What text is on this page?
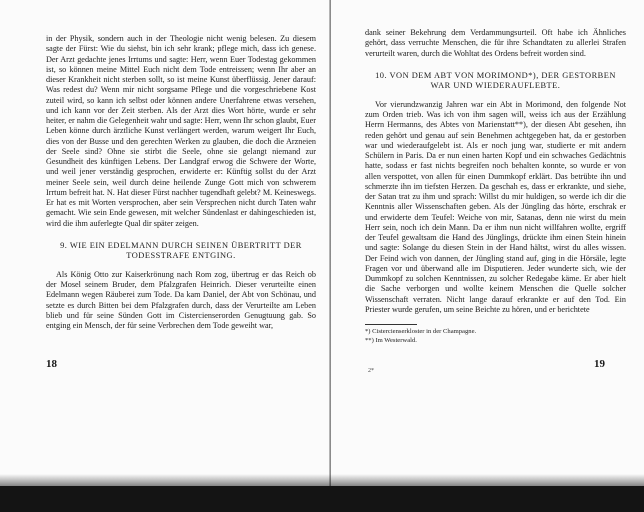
in der Physik, sondern auch in der Theologie nicht wenig belesen. Zu diesem sagte der Fürst: Wie du siehst, bin ich sehr krank; pflege mich, dass ich genese. Der Arzt gedachte jenes Irrtums und sagte: Herr, wenn Euer Todestag gekommen ist, so können meine Mittel Euch nicht dem Tode entreissen; wenn Ihr aber an dieser Krankheit nicht sterben sollt, so ist meine Kunst überflüssig. Jener darauf: Was redest du? Wenn mir nicht sorgsame Pflege und die vorgeschriebene Kost zuteil wird, so kann ich selbst oder können andere Unerfahrene etwas versehen, und ich kann vor der Zeit sterben. Als der Arzt dies Wort hörte, wurde er sehr heiter, er nahm die Gelegenheit wahr und sagte: Herr, wenn Ihr schon glaubt, Euer Leben könne durch ärztliche Kunst verlängert werden, warum weigert Ihr Euch, dies von der Busse und den gerechten Werken zu glauben, die doch die Arzneien der Seele sind? Ohne sie stirbt die Seele, ohne sie gelangt niemand zur Gesundheit des künftigen Lebens. Der Landgraf erwog die Schwere der Worte, und weil jener verständig gesprochen, erwiderte er: Künftig sollst du der Arzt meiner Seele sein, weil durch deine heilende Zunge Gott mich von schwerem Irrtum befreit hat. N. Hat dieser Fürst nachher tugendhaft gelebt? M. Keineswegs. Er hat es mit Worten versprochen, aber sein Versprechen nicht durch Taten wahr gemacht. Wie sein Ende gewesen, mit welcher Sündenlast er dahingeschieden ist, wird die ihm auferlegte Qual dir später zeigen.

9. WIE EIN EDELMANN DURCH SEINEN ÜBERTRITT DER TODESSTRAFE ENTGING.

Als König Otto zur Kaiserkrönung nach Rom zog, übertrug er das Reich ob der Mosel seinem Bruder, dem Pfalzgrafen Heinrich. Dieser verurteilte einen Edelmann wegen Räuberei zum Tode. Da kam Daniel, der Abt von Schönau, und setzte es durch Bitten bei dem Pfalzgrafen durch, dass der Verurteilte am Leben blieb und für seine Sünden Gott im Cistercienserorden Genugtuung gab. So entging ein Mensch, der für seine Verbrechen dem Tode geweiht war,

18

dank seiner Bekehrung dem Verdammungsurteil. Oft habe ich Ähnliches gehört, dass verruchte Menschen, die für ihre Schandtaten zu allerlei Strafen verurteilt waren, durch die Wohltat des Ordens befreit worden sind.

10. VON DEM ABT VON MORIMOND*), DER GESTORBEN WAR UND WIEDERAUFLEBTE.

Vor vierundzwanzig Jahren war ein Abt in Morimond, den folgende Not zum Orden trieb. Was ich von ihm sagen will, weiss ich aus der Erzählung Herrn Hermanns, des Abtes von Marienstatt**), der diesen Abt gesehen, ihn reden gehört und genau auf sein Benehmen achtgegeben hat, da er gestorben war und wiederaufgelebt ist. Als er noch jung war, studierte er mit andern Schülern in Paris. Da er nun einen harten Kopf und ein schwaches Gedächtnis hatte, sodass er fast nichts begreifen noch behalten konnte, so wurde er von allen verspottet, von allen für einen Dummkopf erklärt. Das betrübte ihn und schmerzte ihn im tiefsten Herzen. Da geschah es, dass er erkrankte, und siehe, der Satan trat zu ihm und sprach: Willst du mir huldigen, so werde ich dir die Kenntnis aller Wissenschaften geben. Als der Jüngling das hörte, erschrak er und erwiderte dem Teufel: Weiche von mir, Satanas, denn nie wirst du mein Herr sein, noch ich dein Mann. Da er ihm nun nicht willfahren wollte, ergriff der Teufel gewaltsam die Hand des Jünglings, drückte ihm einen Stein hinein und sagte: Solange du diesen Stein in der Hand hältst, wirst du alles wissen. Der Feind wich von dannen, der Jüngling stand auf, ging in die Hörsäle, legte Fragen vor und überwand alle im Disputieren. Jeder wunderte sich, wie der Dummkopf zu solchen Kenntnissen, zu solcher Redegabe käme. Er aber hielt die Sache verborgen und wollte keinem Menschen die Quelle solcher Wissenschaft verraten. Nicht lange darauf erkrankte er auf den Tod. Ein Priester wurde gerufen, um seine Beichte zu hören, und er berichtete

*) Cistercienserkloster in der Champagne.

**) Im Westerwald.

2*
19
